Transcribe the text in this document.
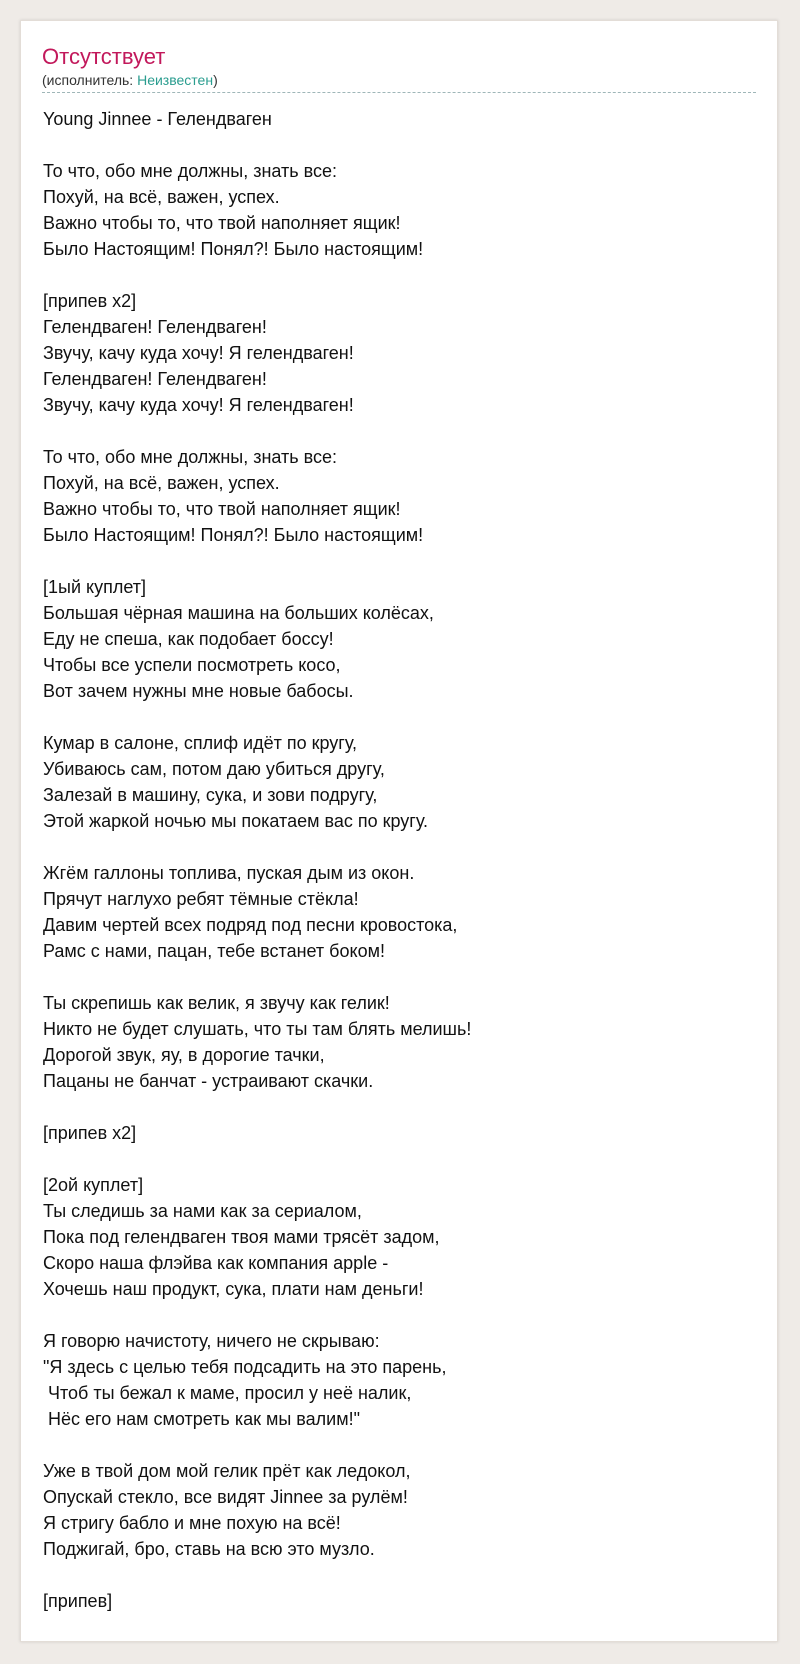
Отсутствует
(исполнитель: Неизвестен)
Young Jinnee - Гелендваген

То что, обо мне должны, знать все:
Похуй, на всё, важен, успех.
Важно чтобы то, что твой наполняет ящик!
Было Настоящим! Понял?! Было настоящим!

[припев x2]
Гелендваген! Гелендваген!
Звучу, качу куда хочу! Я гелендваген!
Гелендваген! Гелендваген!
Звучу, качу куда хочу! Я гелендваген!

То что, обо мне должны, знать все:
Похуй, на всё, важен, успех.
Важно чтобы то, что твой наполняет ящик!
Было Настоящим! Понял?! Было настоящим!

[1ый куплет]
Большая чёрная машина на больших колёсах,
Еду не спеша, как подобает боссу!
Чтобы все успели посмотреть косо,
Вот зачем нужны мне новые бабосы.

Кумар в салоне, сплиф идёт по кругу,
Убиваюсь сам, потом даю убиться другу,
Залезай в машину, сука, и зови подругу,
Этой жаркой ночью мы покатаем вас по кругу.

Жгём галлоны топлива, пуская дым из окон.
Прячут наглухо ребят тёмные стёкла!
Давим чертей всех подряд под песни кровостока,
Рамс с нами, пацан, тебе встанет боком!

Ты скрепишь как велик, я звучу как гелик!
Никто не будет слушать, что ты там блять мелишь!
Дорогой звук, яу, в дорогие тачки,
Пацаны не банчат - устраивают скачки.

[припев x2]

[2ой куплет]
Ты следишь за нами как за сериалом,
Пока под гелендваген твоя мами трясёт задом,
Скоро наша флэйва как компания apple -
Хочешь наш продукт, сука, плати нам деньги!

Я говорю начистоту, ничего не скрываю:
"Я здесь с целью тебя подсадить на это парень,
Чтоб ты бежал к маме, просил у неё налик,
Нёс его нам смотреть как мы валим!"

Уже в твой дом мой гелик прёт как ледокол,
Опускай стекло, все видят Jinnee за рулём!
Я стригу бабло и мне похую на всё!
Поджигай, бро, ставь на всю это музло.

[припев]
